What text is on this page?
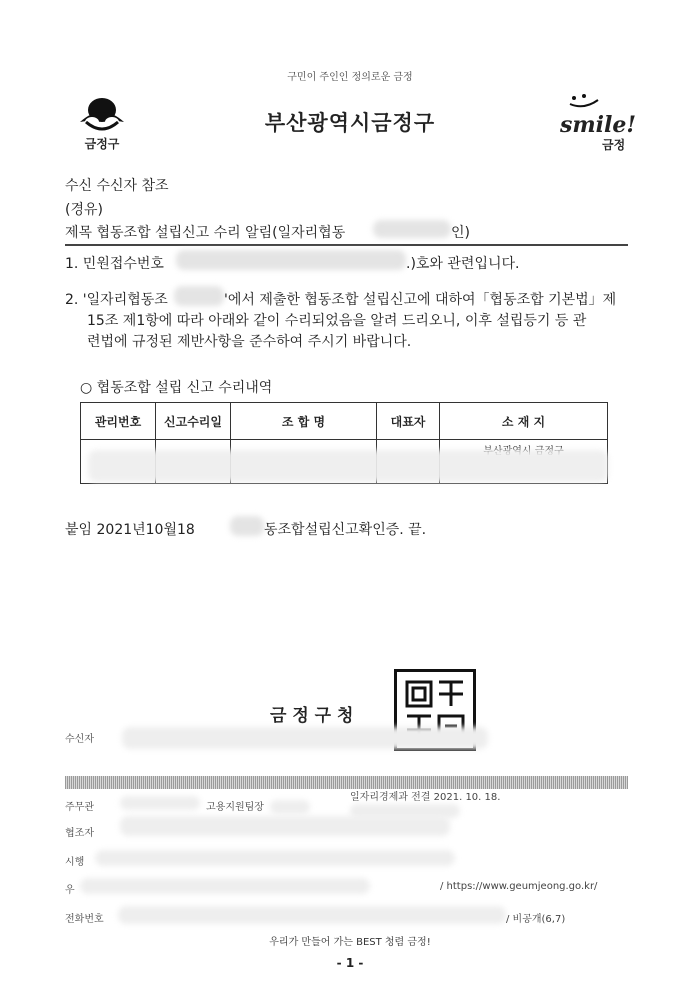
구민이 주인인 정의로운 금정
금정구
부산광역시금정구	smile!
금정
수신 수신자 참조
(경유)
제목 협동조합 설립신고 수리 알림(일자리협동	인)
1. 민원접수번호	.)호와 관련입니다.
2. '일자리협동조	'에서 제출한 협동조합 설립신고에 대하여「협동조합 기본법」제
15조 제1항에 따라 아래와 같이 수리되었음을 알려 드리오니, 이후 설립등기 등 관
련법에 규정된 제반사항을 준수하여 주시기 바랍니다.
○ 협동조합 설립 신고 수리내역
관리번호	신고수리일	조 합 명	대표자	소 재 지

붙임 2021년10월18	동조합설립신고확인증. 끝.
금 정 구 청
수신자
주무관	고용지원팀장
일자리경제과 전결 2021. 10. 18.
협조자
시행
우	/ https://www.geumjeong.go.kr/
전화번호	/ 비공개(6,7)
우리가 만들어 가는 BEST 청렴 금정!
- 1 -
